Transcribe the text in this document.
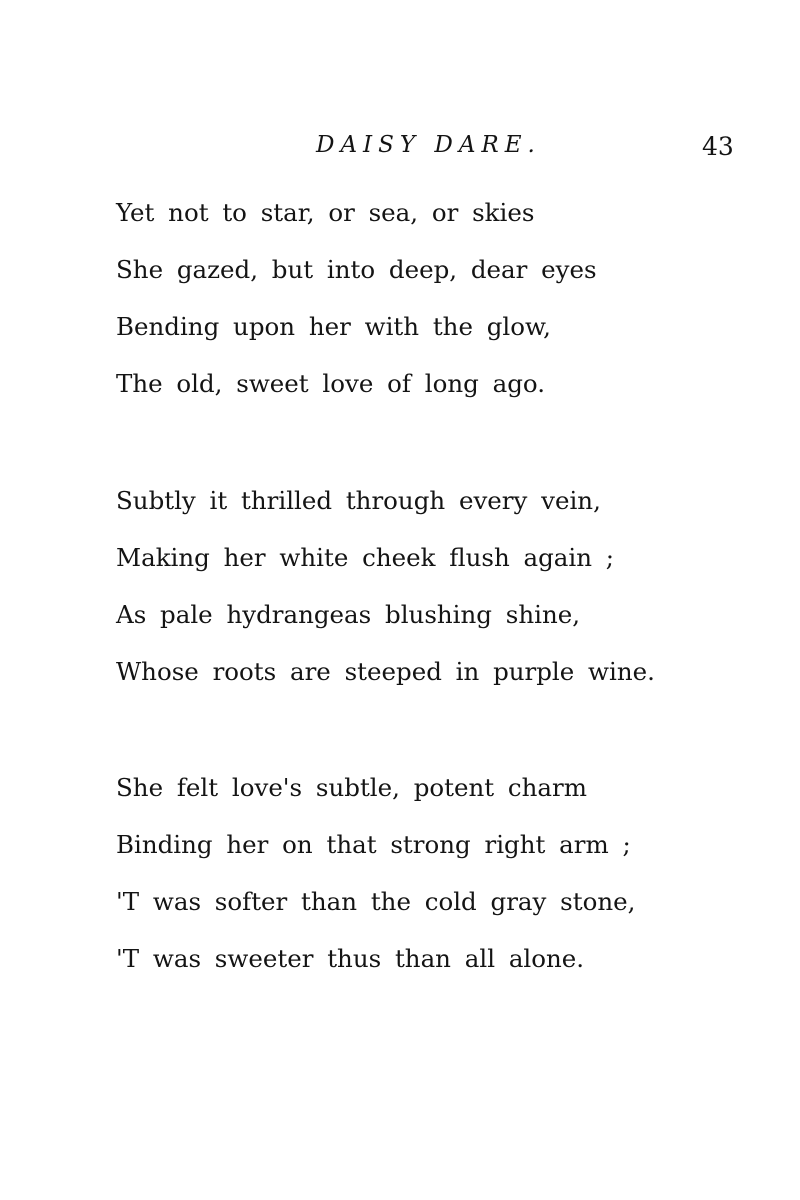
DAISY DARE.	43
Yet not to star, or sea, or skies
She gazed, but into deep, dear eyes
Bending upon her with the glow,
The old, sweet love of long ago.
Subtly it thrilled through every vein,
Making her white cheek flush again ;
As pale hydrangeas blushing shine,
Whose roots are steeped in purple wine.
She felt love's subtle, potent charm
Binding her on that strong right arm ;
'T was softer than the cold gray stone,
'T was sweeter thus than all alone.
